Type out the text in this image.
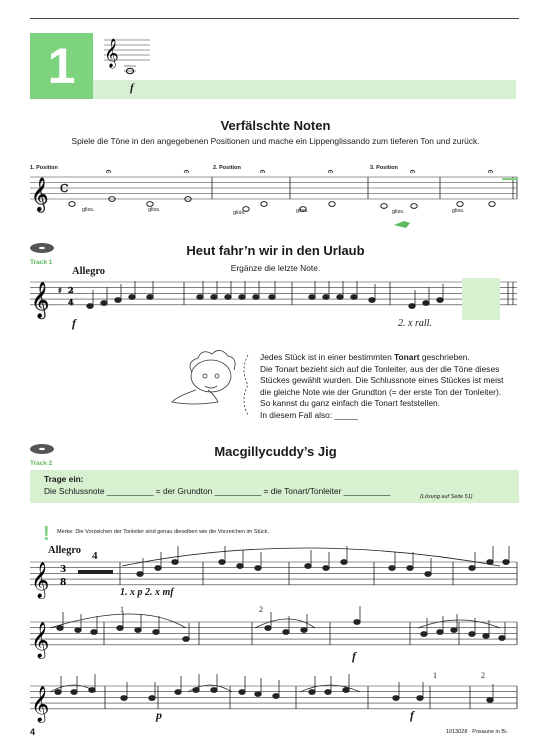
1	f
Verfälschte Noten
Spiele die Töne in den angegebenen Positionen und mache ein Lippenglissando zum tieferen Ton und zurück.
1. Position	2. Position	3. Position
gliss.	gliss.	gliss.	gliss.	gliss.	gliss.
Track 1
Heut fahr’n wir in den Urlaub
Ergänze die letzte Note.
Allegro
f	2. x rall.
Jedes Stück ist in einer bestimmten Tonart geschrieben.
Die Tonart bezieht sich auf die Tonleiter, aus der die Töne dieses
Stückes gewählt wurden. Die Schlussnote eines Stückes ist meist
die gleiche Note wie der Grundton (= der erste Ton der Tonleiter).
So kannst du ganz einfach die Tonart feststellen.
In diesem Fall also: _____
Track 2
Macgillycuddy’s Jig
Trage ein:
Die Schlussnote __________ = der Grundton __________ = die Tonart/Tonleiter __________
(Lösung auf Seite 51)
Merke: Die Vorzeichen der Tonleiter sind genau dieselben wie die Vorzeichen im Stück.
Allegro 4
1. x p 2. x mf
f
p	f
1	2
1	2
4	1013028 · Posaune in B♭
𝄞
𝄞 C
𝄐	𝄐	𝄐	𝄐	𝄐	𝄐
𝄞 ♯ 2
4
𝄞 3
8
𝄞
𝄞
!
